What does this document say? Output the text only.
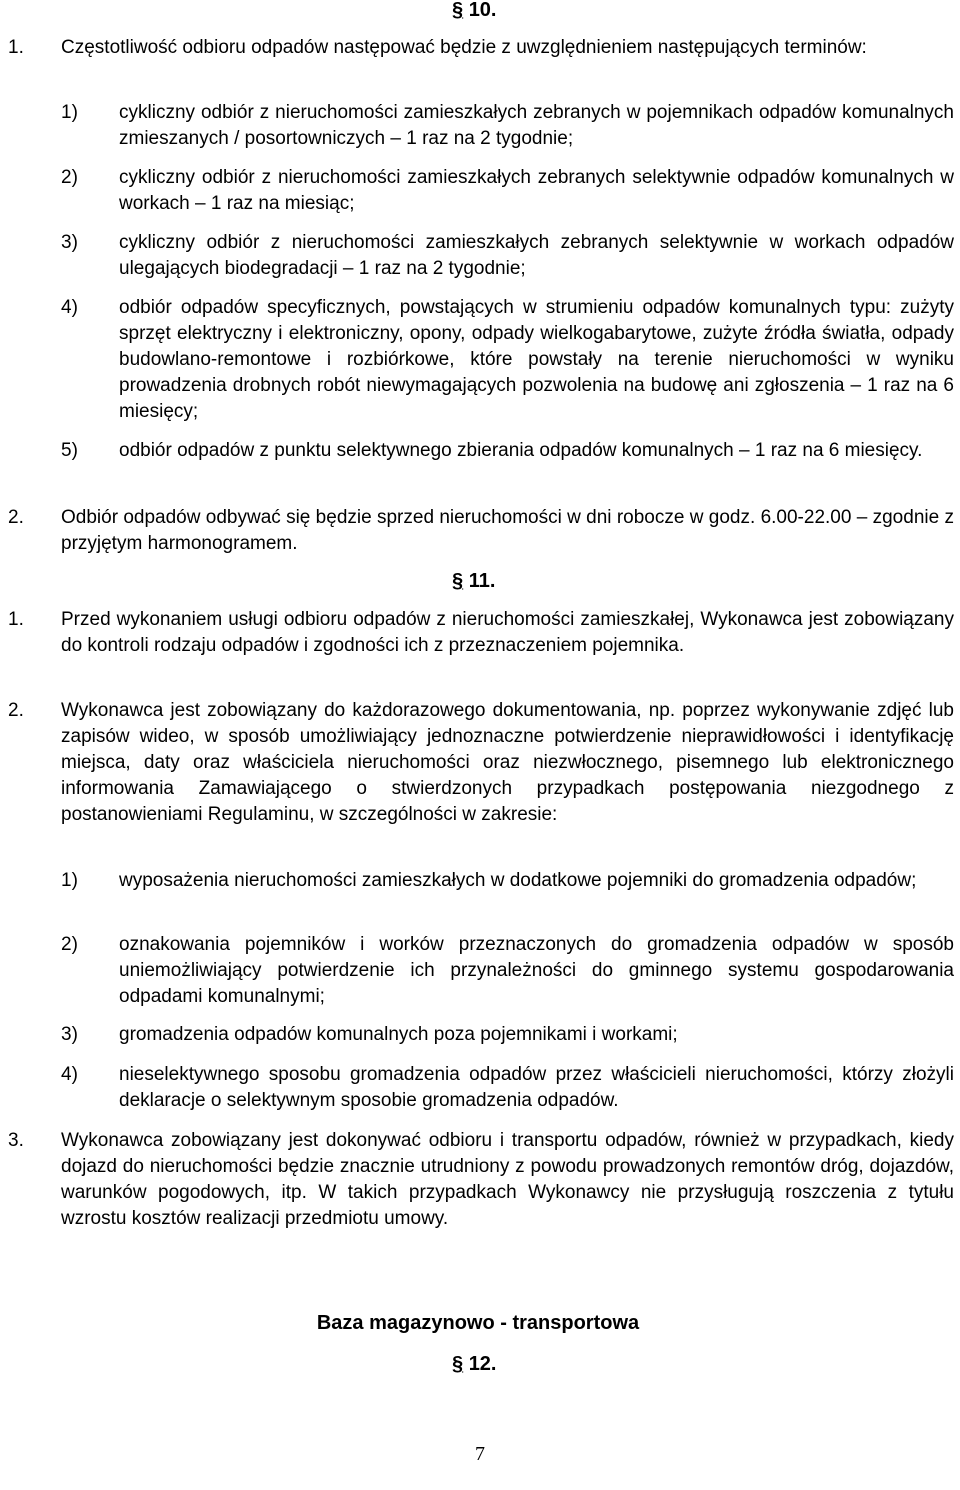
§ 10.
1. Częstotliwość odbioru odpadów następować będzie z uwzględnieniem następujących terminów:
1) cykliczny odbiór z nieruchomości zamieszkałych zebranych w pojemnikach odpadów komunalnych zmieszanych / posortowniczych – 1 raz na 2 tygodnie;
2) cykliczny odbiór z nieruchomości zamieszkałych zebranych selektywnie odpadów komunalnych w workach – 1 raz na miesiąc;
3) cykliczny odbiór z nieruchomości zamieszkałych zebranych selektywnie w workach odpadów ulegających biodegradacji – 1 raz na 2 tygodnie;
4) odbiór odpadów specyficznych, powstających w strumieniu odpadów komunalnych typu: zużyty sprzęt elektryczny i elektroniczny, opony, odpady wielkogabarytowe, zużyte źródła światła, odpady budowlano-remontowe i rozbiórkowe, które powstały na terenie nieruchomości w wyniku prowadzenia drobnych robót niewymagających pozwolenia na budowę ani zgłoszenia – 1 raz na 6 miesięcy;
5) odbiór odpadów z punktu selektywnego zbierania odpadów komunalnych – 1 raz na 6 miesięcy.
2. Odbiór odpadów odbywać się będzie sprzed nieruchomości w dni robocze w godz. 6.00-22.00 – zgodnie z przyjętym harmonogramem.
§ 11.
1. Przed wykonaniem usługi odbioru odpadów z nieruchomości zamieszkałej, Wykonawca jest zobowiązany do kontroli rodzaju odpadów i zgodności ich z przeznaczeniem pojemnika.
2. Wykonawca jest zobowiązany do każdorazowego dokumentowania, np. poprzez wykonywanie zdjęć lub zapisów wideo, w sposób umożliwiający jednoznaczne potwierdzenie nieprawidłowości i identyfikację miejsca, daty oraz właściciela nieruchomości oraz niezwłocznego, pisemnego lub elektronicznego informowania Zamawiającego o stwierdzonych przypadkach postępowania niezgodnego z postanowieniami Regulaminu, w szczególności w zakresie:
1) wyposażenia nieruchomości zamieszkałych w dodatkowe pojemniki do gromadzenia odpadów;
2) oznakowania pojemników i worków przeznaczonych do gromadzenia odpadów w sposób uniemożliwiający potwierdzenie ich przynależności do gminnego systemu gospodarowania odpadami komunalnymi;
3) gromadzenia odpadów komunalnych poza pojemnikami i workami;
4) nieselektywnego sposobu gromadzenia odpadów przez właścicieli nieruchomości, którzy złożyli deklaracje o selektywnym sposobie gromadzenia odpadów.
3. Wykonawca zobowiązany jest dokonywać odbioru i transportu odpadów, również w przypadkach, kiedy dojazd do nieruchomości będzie znacznie utrudniony z powodu prowadzonych remontów dróg, dojazdów, warunków pogodowych, itp. W takich przypadkach Wykonawcy nie przysługują roszczenia z tytułu wzrostu kosztów realizacji przedmiotu umowy.
Baza magazynowo - transportowa
§ 12.
7
